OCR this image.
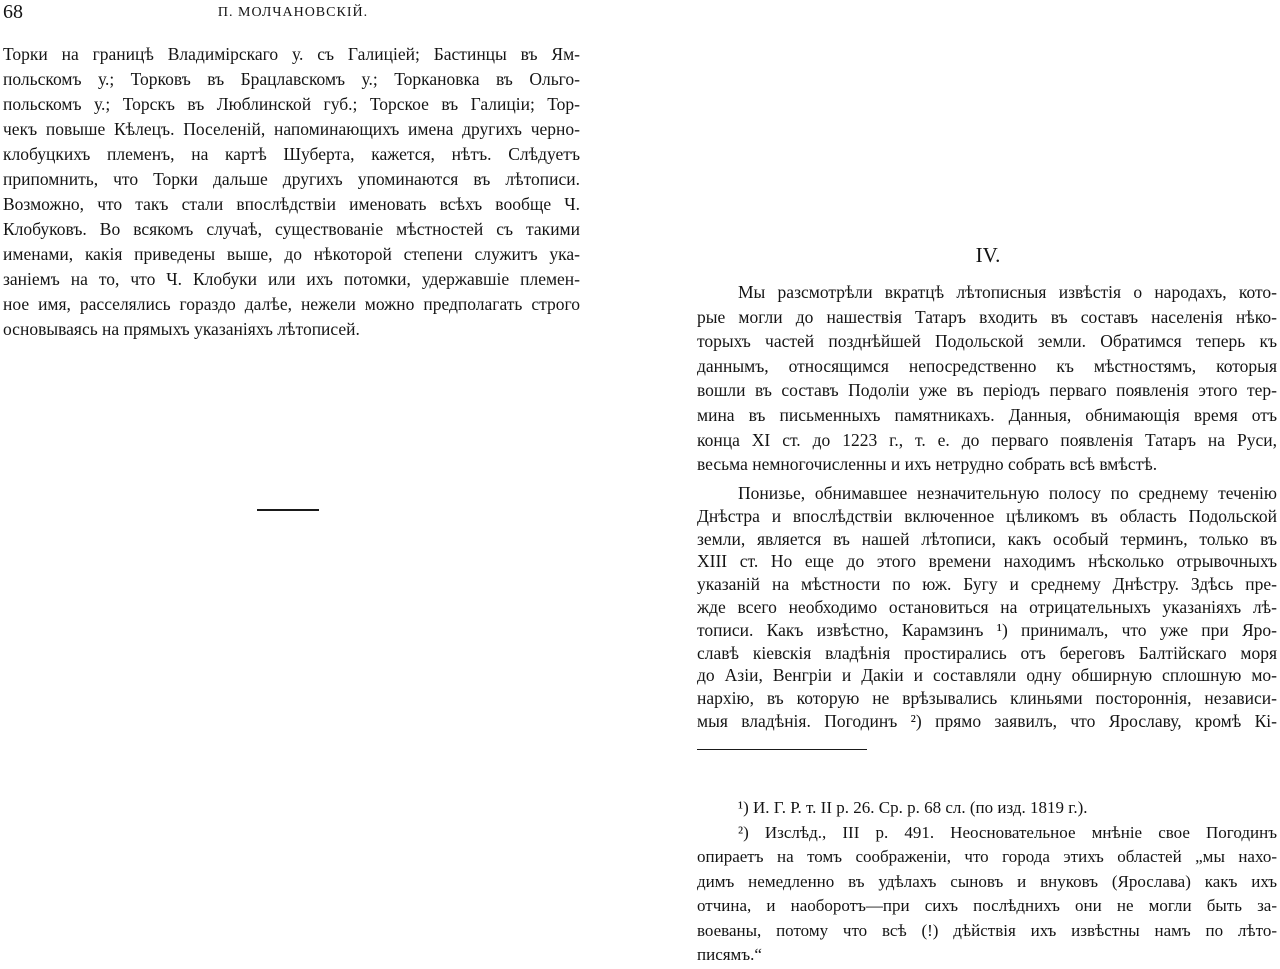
68	П. МОЛЧАНОВСКІЙ.
IV.
Торки на границѣ Владимірскаго у. съ Галиціей; Бастинцы въ Ям-
польскомъ у.; Торковъ въ Брацлавскомъ у.; Торкановка въ Ольго-
польскомъ у.; Торскъ въ Люблинской губ.; Торское въ Галиціи; Тор-
чекъ повыше Кѣлецъ. Поселеній, напоминающихъ имена другихъ черно-
клобуцкихъ племенъ, на картѣ Шуберта, кажется, нѣтъ. Слѣдуетъ
припомнить, что Торки дальше другихъ упоминаются въ лѣтописи.
Возможно, что такъ стали впослѣдствіи именовать всѣхъ вообще Ч.
Клобуковъ. Во всякомъ случаѣ, существованіе мѣстностей съ такими
именами, какія приведены выше, до нѣкоторой степени служитъ ука-
заніемъ на то, что Ч. Клобуки или ихъ потомки, удержавшіе племен-
ное имя, расселялись гораздо далѣе, нежели можно предполагать строго
основываясь на прямыхъ указаніяхъ лѣтописей.
Мы разсмотрѣли вкратцѣ лѣтописныя извѣстія о народахъ, кото-
рые могли до нашествія Татаръ входить въ составъ населенія нѣко-
торыхъ частей позднѣйшей Подольской земли. Обратимся теперь къ
даннымъ, относящимся непосредственно къ мѣстностямъ, которыя
вошли въ составъ Подоліи уже въ періодъ перваго появленія этого тер-
мина въ письменныхъ памятникахъ. Данныя, обнимающія время отъ
конца XI ст. до 1223 г., т. е. до перваго появленія Татаръ на Руси,
весьма немногочисленны и ихъ нетрудно собрать всѣ вмѣстѣ.
Понизье, обнимавшее незначительную полосу по среднему теченію
Днѣстра и впослѣдствіи включенное цѣликомъ въ область Подольской
земли, является въ нашей лѣтописи, какъ особый терминъ, только въ
XIII ст. Но еще до этого времени находимъ нѣсколько отрывочныхъ
указаній на мѣстности по юж. Бугу и среднему Днѣстру. Здѣсь пре-
жде всего необходимо остановиться на отрицательныхъ указаніяхъ лѣ-
тописи. Какъ извѣстно, Карамзинъ ¹) принималъ, что уже при Яро-
славѣ кіевскія владѣнія простирались отъ береговъ Балтійскаго моря
до Азіи, Венгріи и Дакіи и составляли одну обширную сплошную мо-
нархію, въ которую не врѣзывались клиньями постороннія, независи-
мыя владѣнія. Погодинъ ²) прямо заявилъ, что Ярославу, кромѣ Кі-
¹) И. Г. Р. т. II р. 26. Ср. р. 68 сл. (по изд. 1819 г.).
²) Изслѣд., III р. 491. Неосновательное мнѣніе свое Погодинъ
опираетъ на томъ соображеніи, что города этихъ областей „мы нахо-
димъ немедленно въ удѣлахъ сыновъ и внуковъ (Ярослава) какъ ихъ
отчина, и наоборотъ—при сихъ послѣднихъ они не могли быть за-
воеваны, потому что всѣ (!) дѣйствія ихъ извѣстны намъ по лѣто-
писямъ.“
